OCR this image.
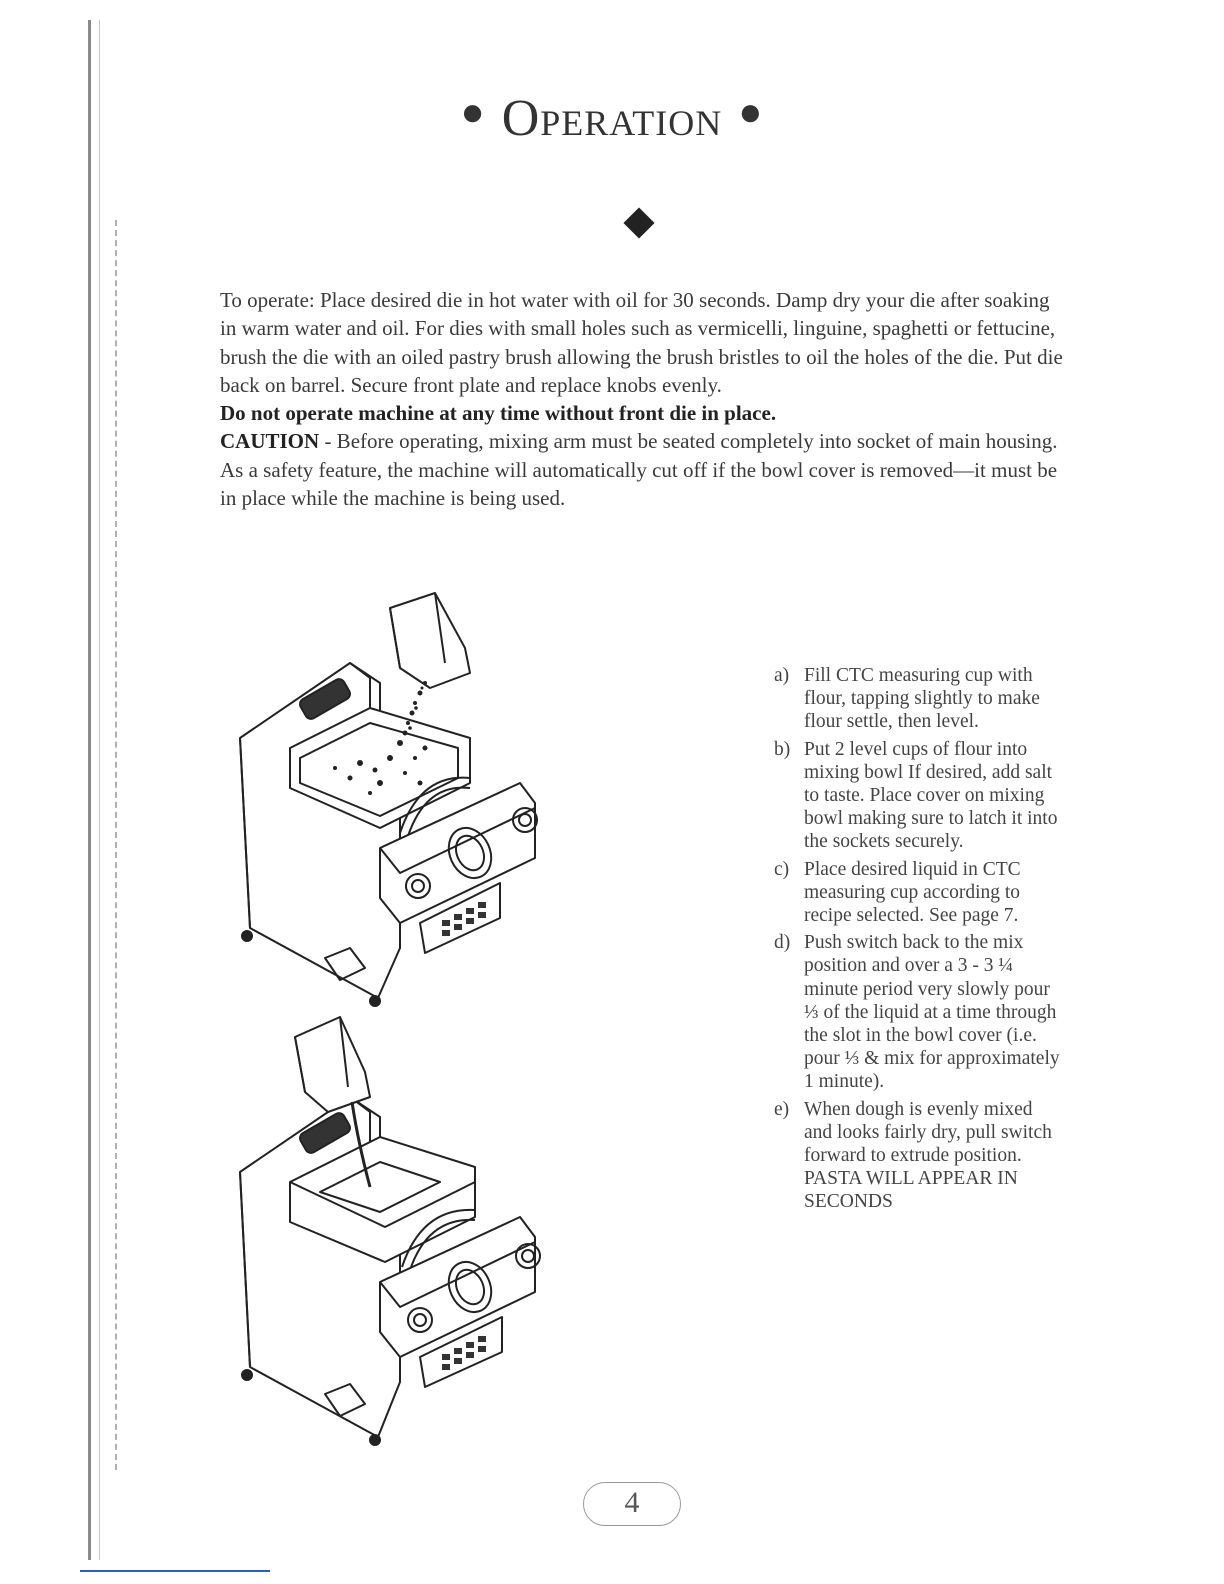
● Operation ●

To operate: Place desired die in hot water with oil for 30 seconds. Damp dry your die after soaking in warm water and oil. For dies with small holes such as vermicelli, linguine, spaghetti or fettucine, brush the die with an oiled pastry brush allowing the brush bristles to oil the holes of the die. Put die back on barrel. Secure front plate and replace knobs evenly.

Do not operate machine at any time without front die in place.

CAUTION - Before operating, mixing arm must be seated completely into socket of main housing.

As a safety feature, the machine will automatically cut off if the bowl cover is removed—it must be in place while the machine is being used.

a) Fill CTC measuring cup with flour, tapping slightly to make flour settle, then level.
b) Put 2 level cups of flour into mixing bowl If desired, add salt to taste. Place cover on mixing bowl making sure to latch it into the sockets securely.
c) Place desired liquid in CTC measuring cup according to recipe selected. See page 7.
d) Push switch back to the mix position and over a 3 - 3 ¼ minute period very slowly pour ⅓ of the liquid at a time through the slot in the bowl cover (i.e. pour ⅓ & mix for approximately 1 minute).
e) When dough is evenly mixed and looks fairly dry, pull switch forward to extrude position. PASTA WILL APPEAR IN SECONDS
4
